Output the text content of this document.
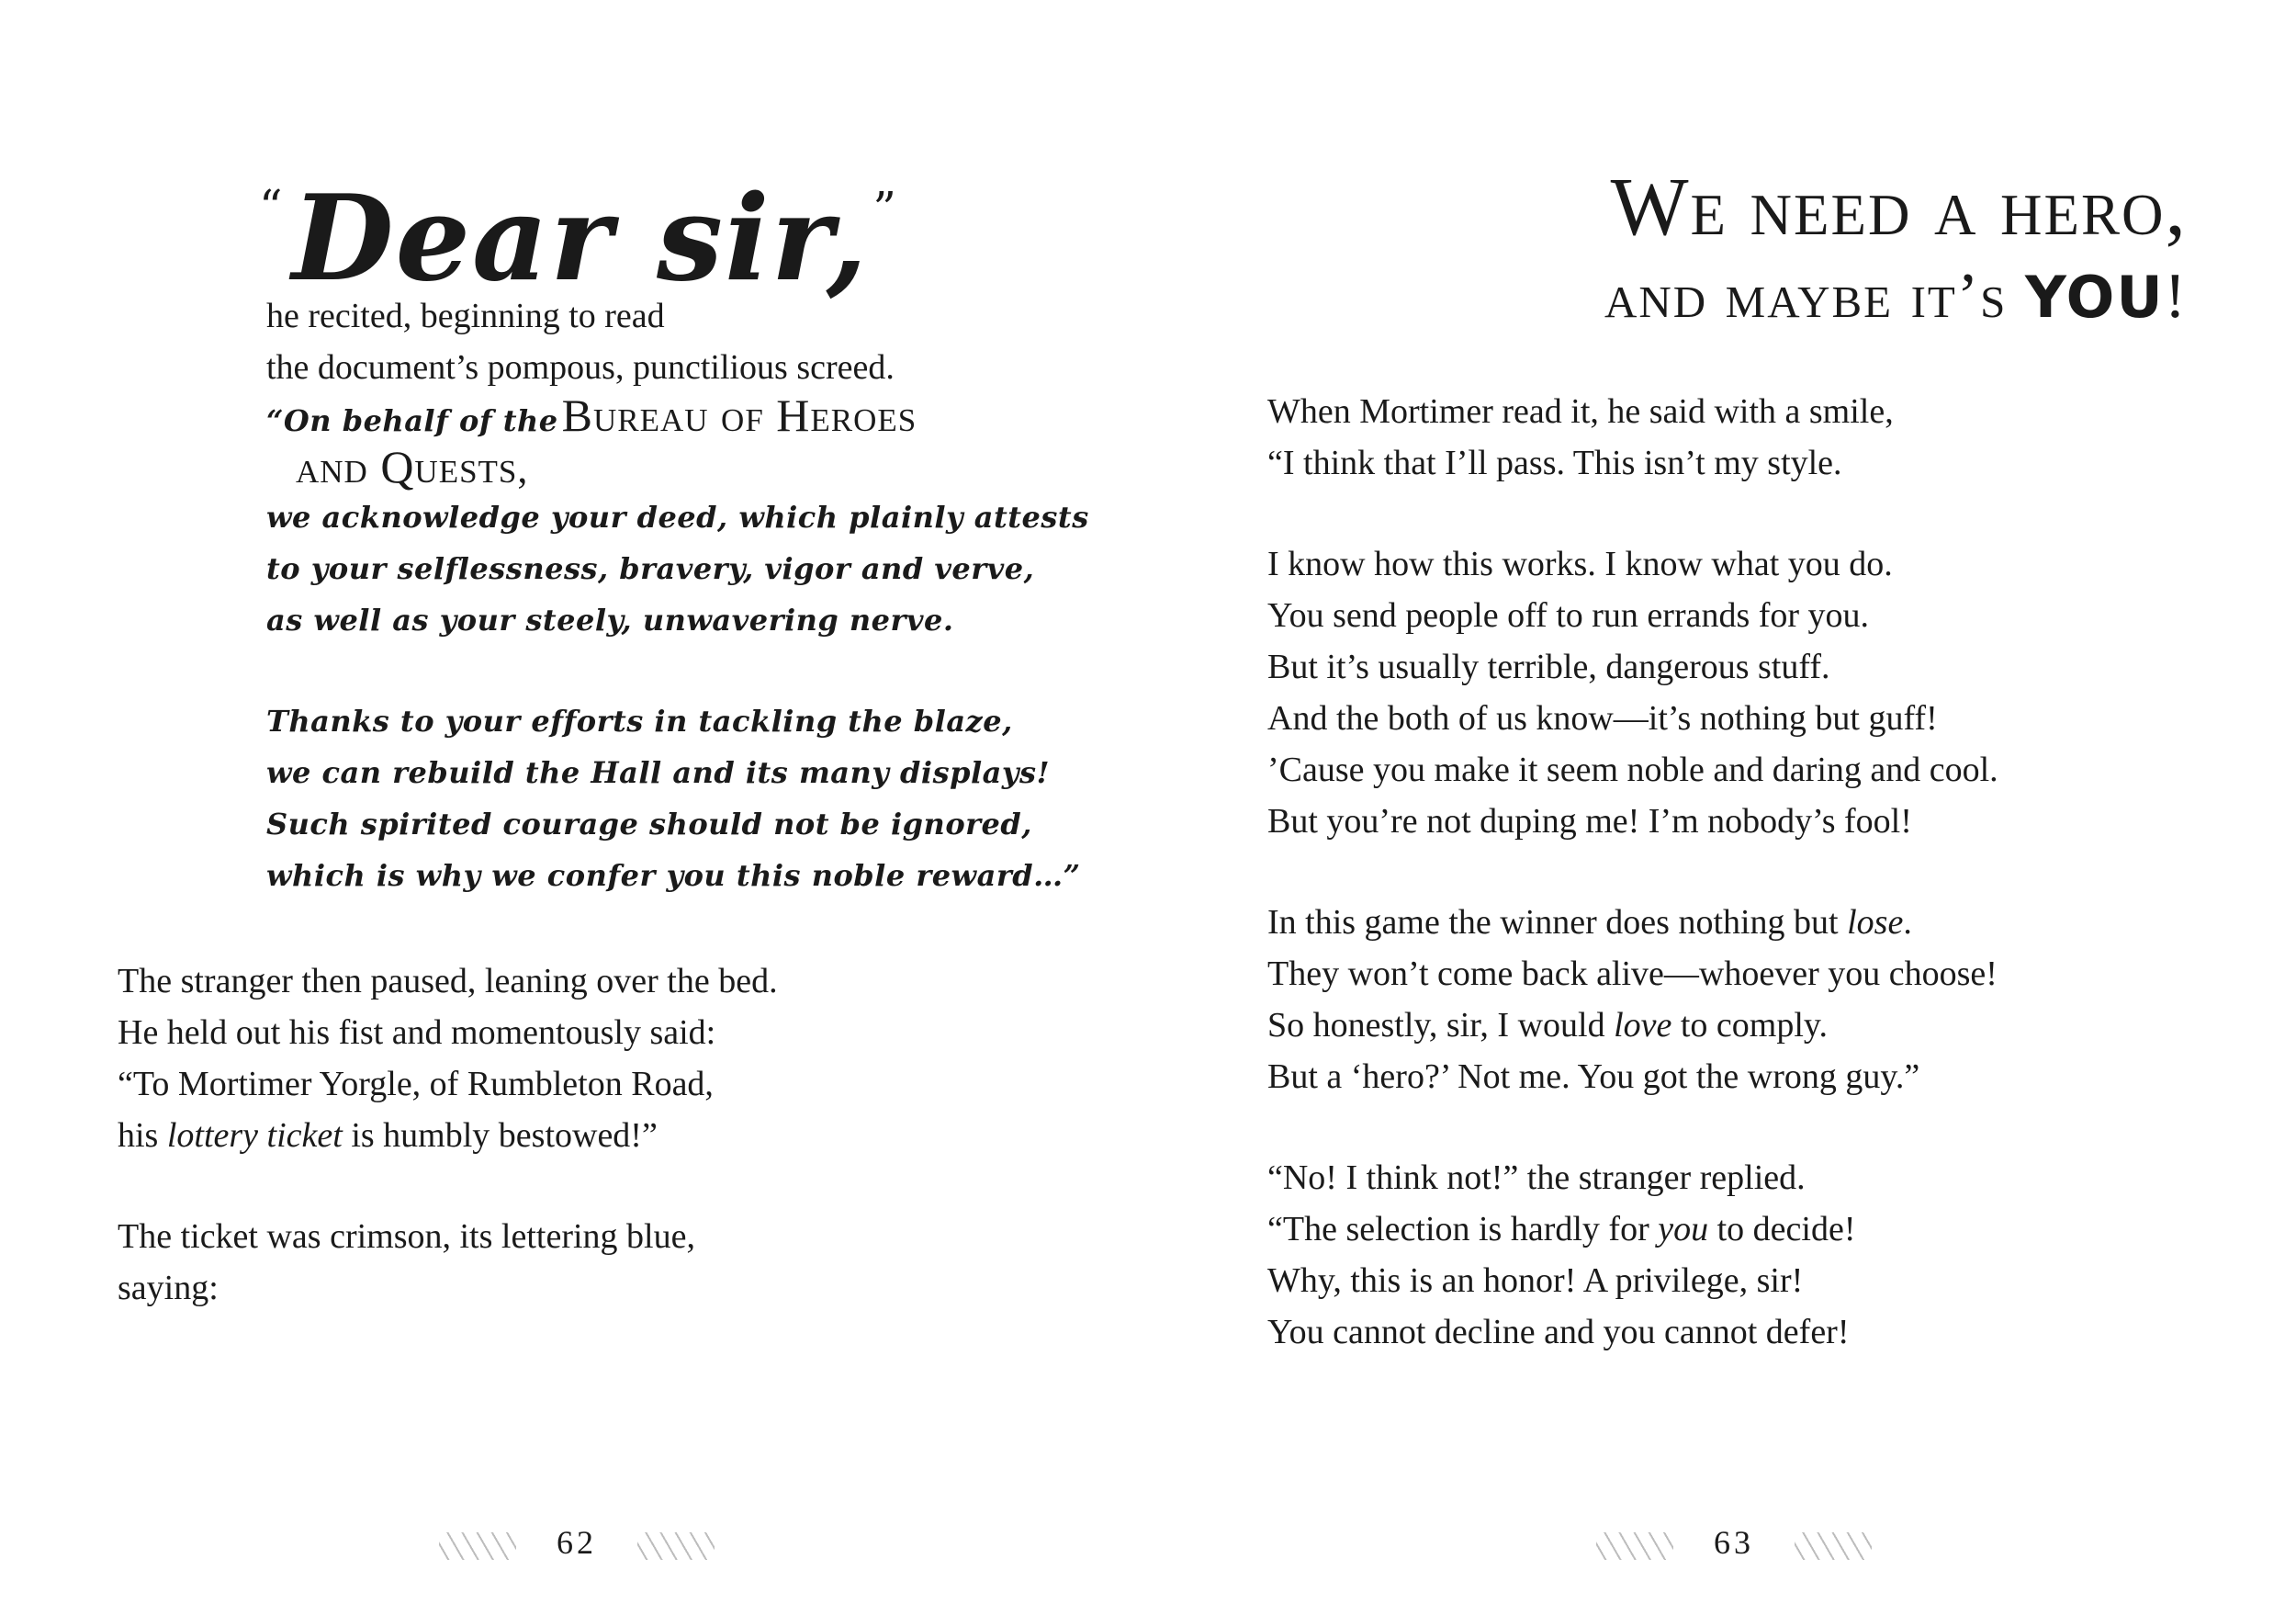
“Dear sir,”
he recited, beginning to read
the document’s pompous, punctilious screed.
“On behalf of the Bureau of Heroes
and Quests,
we acknowledge your deed, which plainly attests
to your selflessness, bravery, vigor and verve,
as well as your steely, unwavering nerve.
Thanks to your efforts in tackling the blaze,
we can rebuild the Hall and its many displays!
Such spirited courage should not be ignored,
which is why we confer you this noble reward…”
The stranger then paused, leaning over the bed.
He held out his fist and momentously said:
“To Mortimer Yorgle, of Rumbleton Road,
his lottery ticket is humbly bestowed!”
The ticket was crimson, its lettering blue,
saying:
62
We need a hero,
and maybe it’s YOU!
When Mortimer read it, he said with a smile,
“I think that I’ll pass. This isn’t my style.
I know how this works. I know what you do.
You send people off to run errands for you.
But it’s usually terrible, dangerous stuff.
And the both of us know—it’s nothing but guff!
’Cause you make it seem noble and daring and cool.
But you’re not duping me! I’m nobody’s fool!
In this game the winner does nothing but lose.
They won’t come back alive—whoever you choose!
So honestly, sir, I would love to comply.
But a ‘hero?’ Not me. You got the wrong guy.”
“No! I think not!” the stranger replied.
“The selection is hardly for you to decide!
Why, this is an honor! A privilege, sir!
You cannot decline and you cannot defer!
63
